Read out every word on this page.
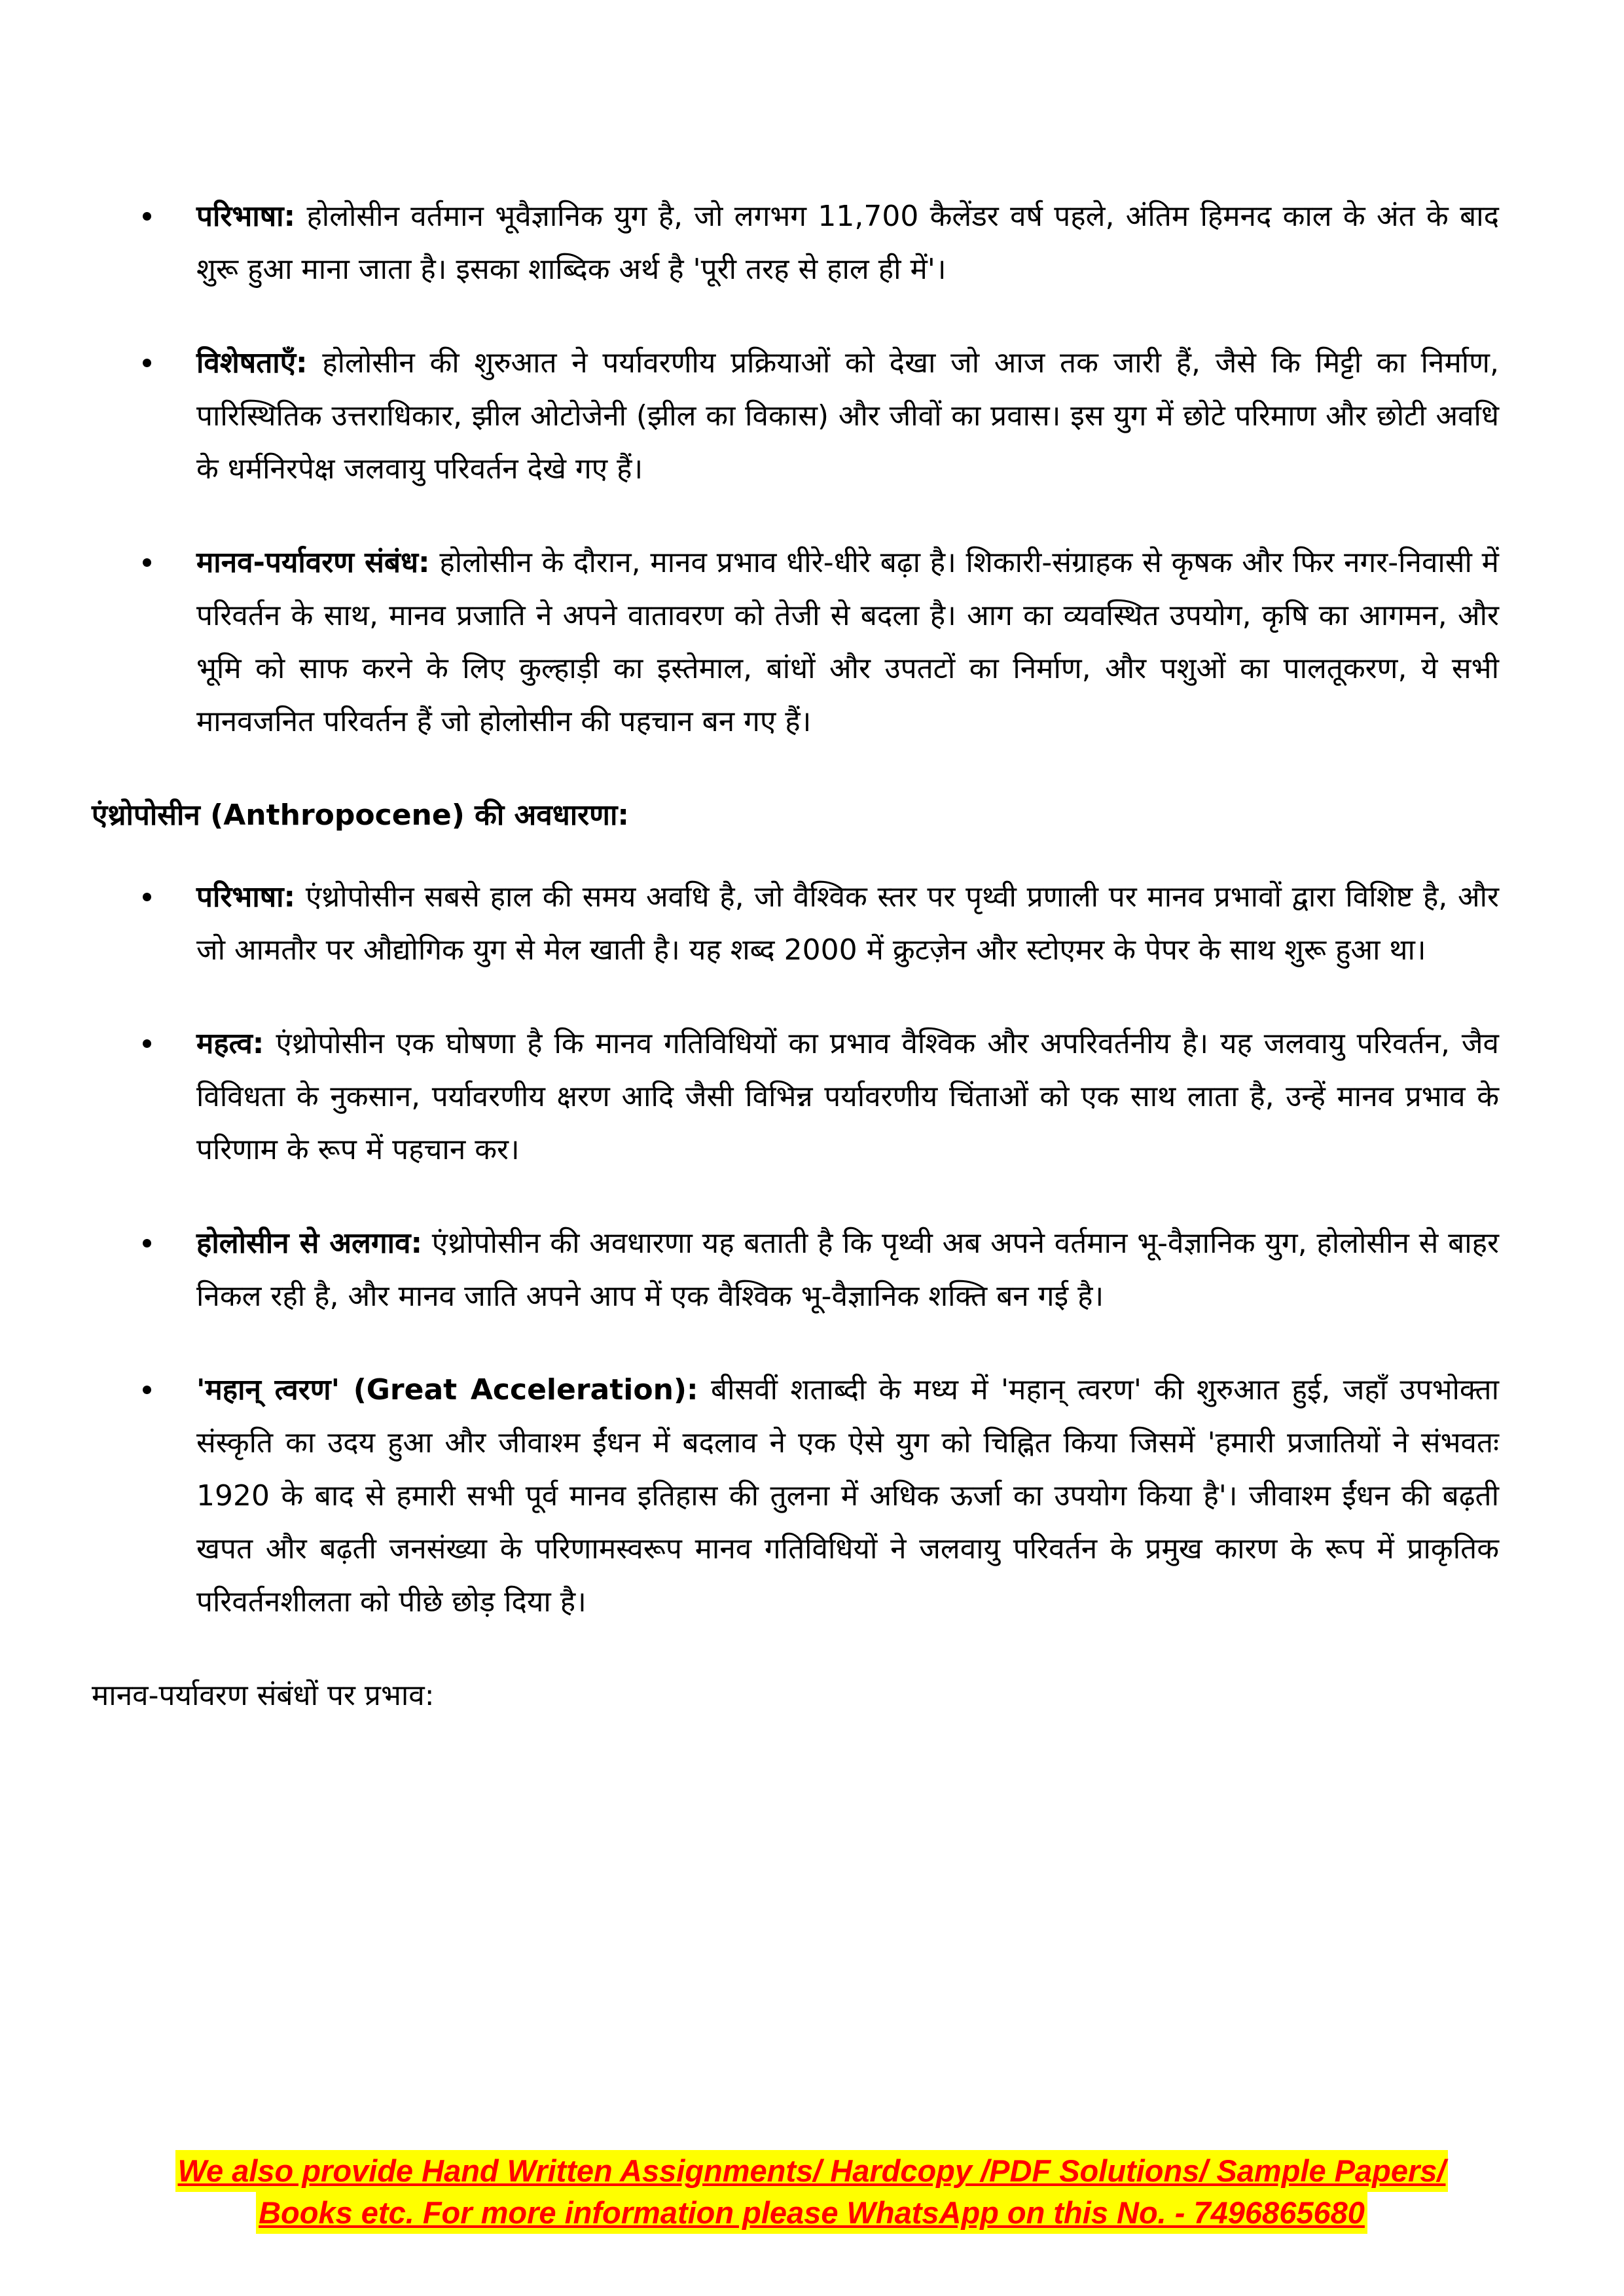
परिभाषा: होलोसीन वर्तमान भूवैज्ञानिक युग है, जो लगभग 11,700 कैलेंडर वर्ष पहले, अंतिम हिमनद काल के अंत के बाद शुरू हुआ माना जाता है। इसका शाब्दिक अर्थ है 'पूरी तरह से हाल ही में'।
विशेषताएँ: होलोसीन की शुरुआत ने पर्यावरणीय प्रक्रियाओं को देखा जो आज तक जारी हैं, जैसे कि मिट्टी का निर्माण, पारिस्थितिक उत्तराधिकार, झील ओटोजेनी (झील का विकास) और जीवों का प्रवास। इस युग में छोटे परिमाण और छोटी अवधि के धर्मनिरपेक्ष जलवायु परिवर्तन देखे गए हैं।
मानव-पर्यावरण संबंध: होलोसीन के दौरान, मानव प्रभाव धीरे-धीरे बढ़ा है। शिकारी-संग्राहक से कृषक और फिर नगर-निवासी में परिवर्तन के साथ, मानव प्रजाति ने अपने वातावरण को तेजी से बदला है। आग का व्यवस्थित उपयोग, कृषि का आगमन, और भूमि को साफ करने के लिए कुल्हाड़ी का इस्तेमाल, बांधों और उपतटों का निर्माण, और पशुओं का पालतूकरण, ये सभी मानवजनित परिवर्तन हैं जो होलोसीन की पहचान बन गए हैं।

एंथ्रोपोसीन (Anthropocene) की अवधारणा:

परिभाषा: एंथ्रोपोसीन सबसे हाल की समय अवधि है, जो वैश्विक स्तर पर पृथ्वी प्रणाली पर मानव प्रभावों द्वारा विशिष्ट है, और जो आमतौर पर औद्योगिक युग से मेल खाती है। यह शब्द 2000 में क्रुटज़ेन और स्टोएमर के पेपर के साथ शुरू हुआ था।
महत्व: एंथ्रोपोसीन एक घोषणा है कि मानव गतिविधियों का प्रभाव वैश्विक और अपरिवर्तनीय है। यह जलवायु परिवर्तन, जैव विविधता के नुकसान, पर्यावरणीय क्षरण आदि जैसी विभिन्न पर्यावरणीय चिंताओं को एक साथ लाता है, उन्हें मानव प्रभाव के परिणाम के रूप में पहचान कर।
होलोसीन से अलगाव: एंथ्रोपोसीन की अवधारणा यह बताती है कि पृथ्वी अब अपने वर्तमान भू-वैज्ञानिक युग, होलोसीन से बाहर निकल रही है, और मानव जाति अपने आप में एक वैश्विक भू-वैज्ञानिक शक्ति बन गई है।
'महान् त्वरण' (Great Acceleration): बीसवीं शताब्दी के मध्य में 'महान् त्वरण' की शुरुआत हुई, जहाँ उपभोक्ता संस्कृति का उदय हुआ और जीवाश्म ईंधन में बदलाव ने एक ऐसे युग को चिह्नित किया जिसमें 'हमारी प्रजातियों ने संभवतः 1920 के बाद से हमारी सभी पूर्व मानव इतिहास की तुलना में अधिक ऊर्जा का उपयोग किया है'। जीवाश्म ईंधन की बढ़ती खपत और बढ़ती जनसंख्या के परिणामस्वरूप मानव गतिविधियों ने जलवायु परिवर्तन के प्रमुख कारण के रूप में प्राकृतिक परिवर्तनशीलता को पीछे छोड़ दिया है।

मानव-पर्यावरण संबंधों पर प्रभाव:

We also provide Hand Written Assignments/ Hardcopy /PDF Solutions/ Sample Papers/
Books etc. For more information please WhatsApp on this No. - 7496865680
